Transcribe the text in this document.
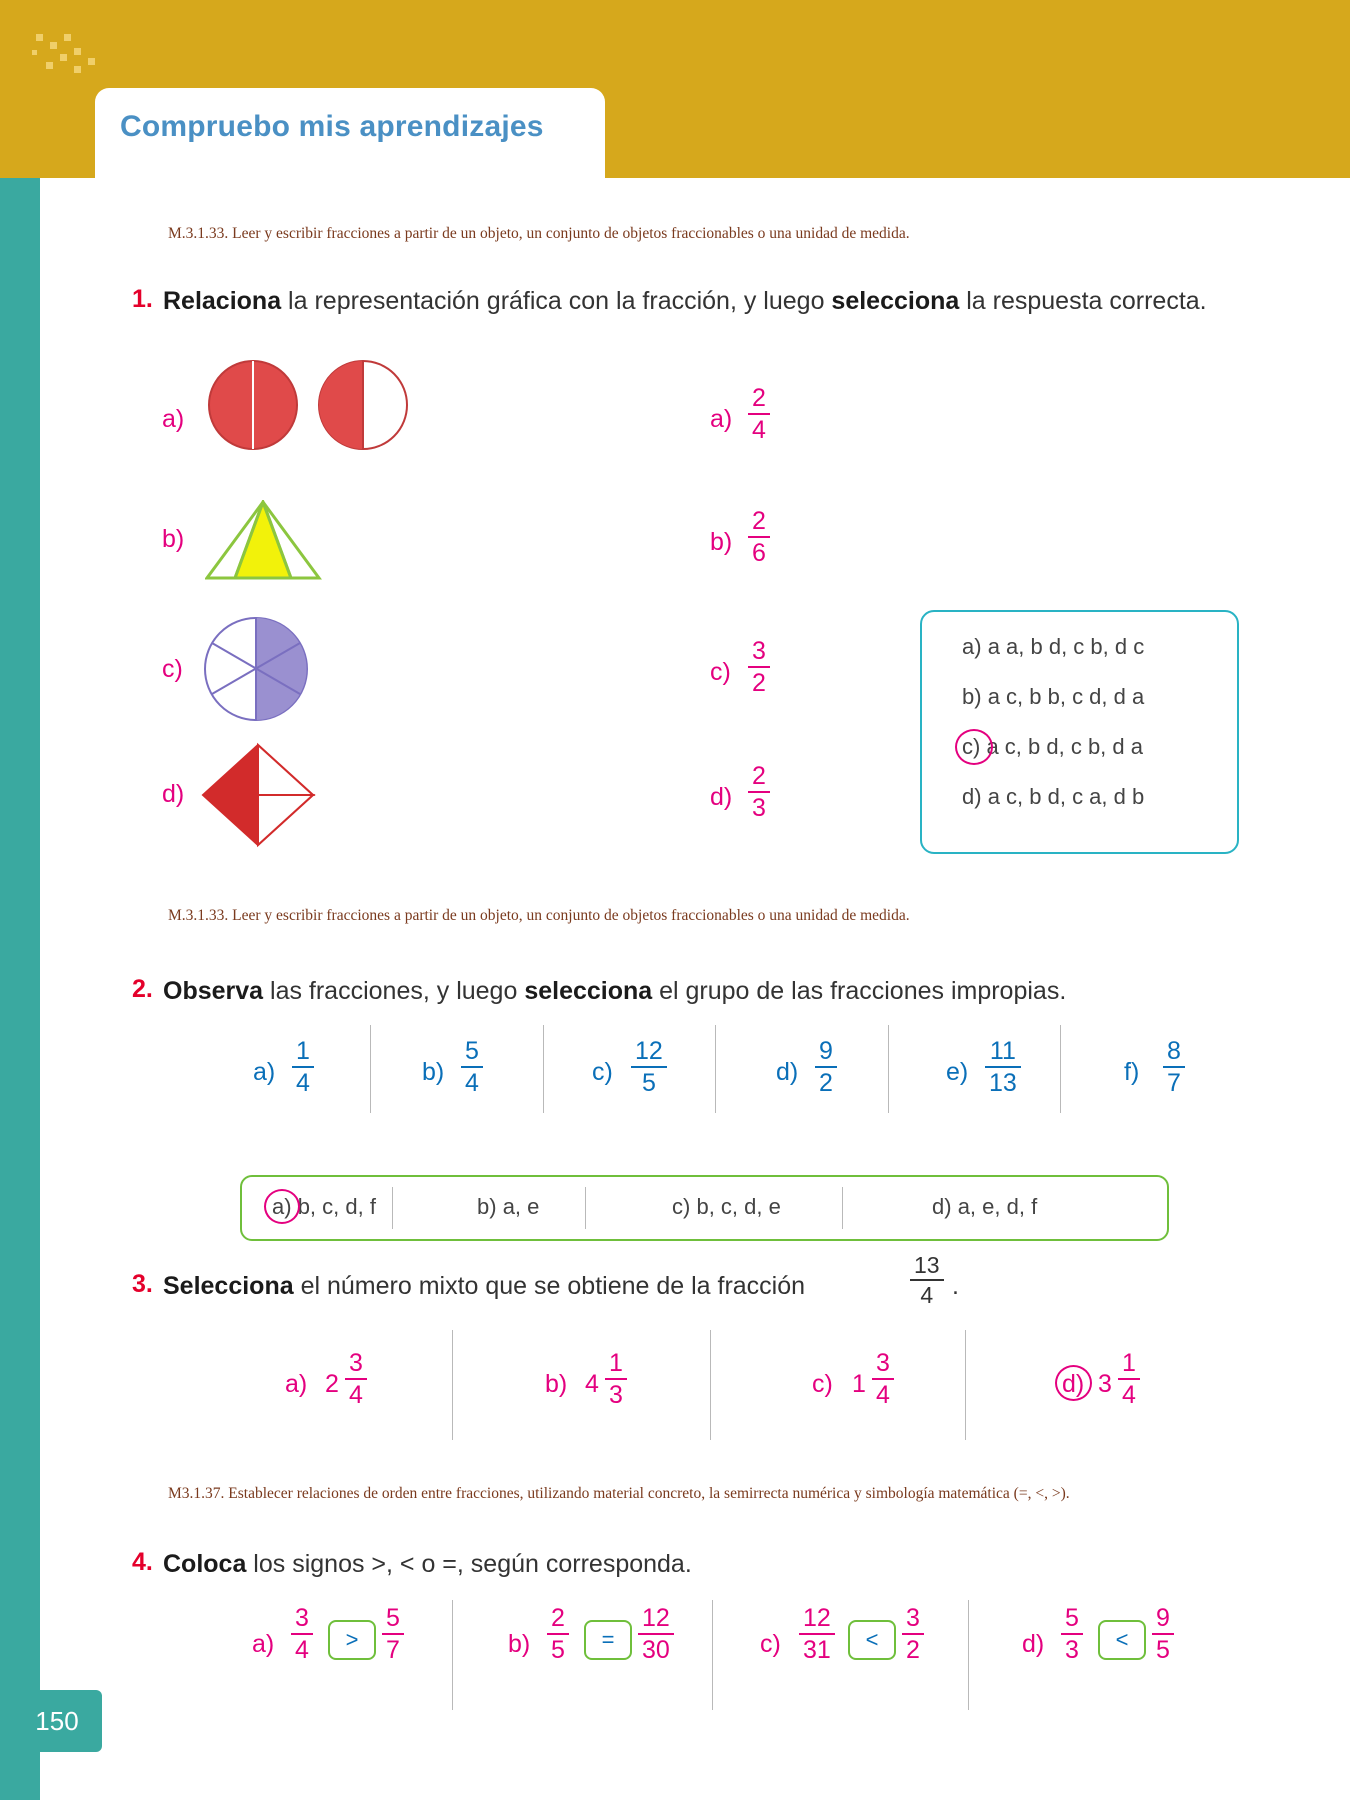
Compruebo mis aprendizajes
150
M.3.1.33. Leer y escribir fracciones a partir de un objeto, un conjunto de objetos fraccionables o una unidad de medida.
1. Relaciona la representación gráfica con la fracción, y luego selecciona la respuesta correcta.
a)
b)
c)
d)
a)
2
4
b)
2
6
c)
3
2
d)
2
3
a) a a, b d, c b, d c
b) a c, b b, c d, d a
c) a c, b d, c b, d a
d) a c, b d, c a, d b
M.3.1.33. Leer y escribir fracciones a partir de un objeto, un conjunto de objetos fraccionables o una unidad de medida.
2. Observa las fracciones, y luego selecciona el grupo de las fracciones impropias.
a)
1
4	b)
5
4	c)
12
5	d)
9
2	e)
11
13	f)
8
7
a) b, c, d, f	b) a, e	c) b, c, d, e	d) a, e, d, f
3. Selecciona el número mixto que se obtiene de la fracción
13
4 .
a) 2
3
4	b) 4
1
3	c) 1
3
4	d) 3
1
4
M3.1.37. Establecer relaciones de orden entre fracciones, utilizando material concreto, la semirrecta numérica y simbología matemática (=, <, >).
4. Coloca los signos >, < o =, según corresponda.
a)
3
4	>
5
7	b)
2
5	=
12
30	c)
12
31	<
3
2	d)
5
3	<
9
5
